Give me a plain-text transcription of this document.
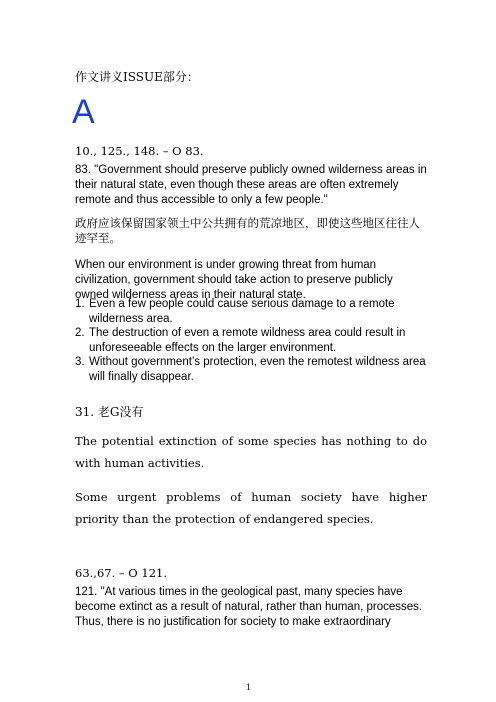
作文讲义ISSUE部分：
A
10., 125., 148. – O 83.
83. "Government should preserve publicly owned wilderness areas in their natural state, even though these areas are often extremely remote and thus accessible to only a few people."
政府应该保留国家领土中公共拥有的荒凉地区，即使这些地区往往人迹罕至。
When our environment is under growing threat from human civilization, government should take action to preserve publicly owned wilderness areas in their natural state.
1. Even a few people could cause serious damage to a remote wilderness area.
2. The destruction of even a remote wildness area could result in unforeseeable effects on the larger environment.
3. Without government’s protection, even the remotest wildness area will finally disappear.
31. 老G没有
The potential extinction of some species has nothing to do with human activities.
Some urgent problems of human society have higher priority than the protection of endangered species.
63.,67. – O 121.
121. "At various times in the geological past, many species have become extinct as a result of natural, rather than human, processes. Thus, there is no justification for society to make extraordinary
1
